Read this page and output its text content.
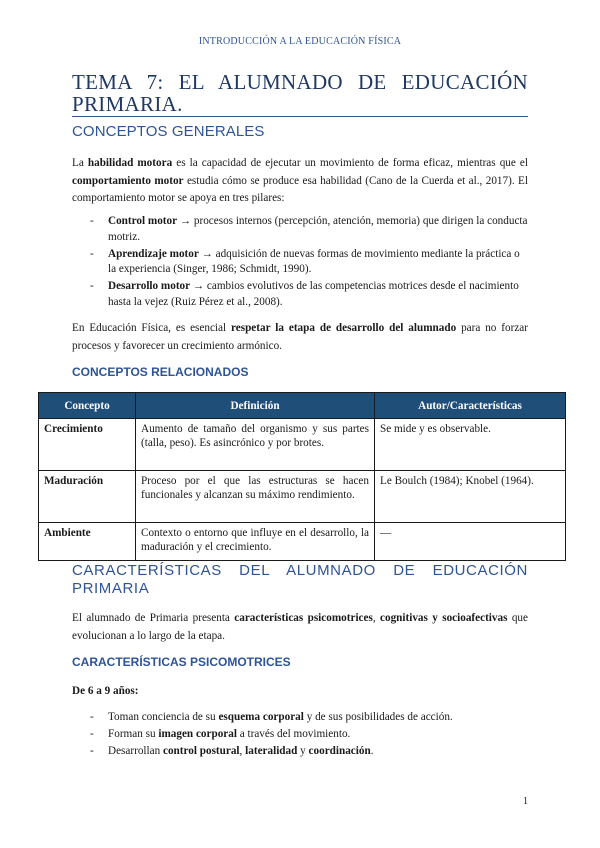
INTRODUCCIÓN A LA EDUCACIÓN FÍSICA
TEMA 7: EL ALUMNADO DE EDUCACIÓN PRIMARIA.
CONCEPTOS GENERALES
La habilidad motora es la capacidad de ejecutar un movimiento de forma eficaz, mientras que el comportamiento motor estudia cómo se produce esa habilidad (Cano de la Cuerda et al., 2017). El comportamiento motor se apoya en tres pilares:
- Control motor → procesos internos (percepción, atención, memoria) que dirigen la conducta motriz.
- Aprendizaje motor → adquisición de nuevas formas de movimiento mediante la práctica o la experiencia (Singer, 1986; Schmidt, 1990).
- Desarrollo motor → cambios evolutivos de las competencias motrices desde el nacimiento hasta la vejez (Ruiz Pérez et al., 2008).
En Educación Física, es esencial respetar la etapa de desarrollo del alumnado para no forzar procesos y favorecer un crecimiento armónico.
CONCEPTOS RELACIONADOS
Concepto	Definición	Autor/Características
Crecimiento	Aumento de tamaño del organismo y sus partes (talla, peso). Es asincrónico y por brotes.	Se mide y es observable.
Maduración	Proceso por el que las estructuras se hacen funcionales y alcanzan su máximo rendimiento.	Le Boulch (1984); Knobel (1964).
Ambiente	Contexto o entorno que influye en el desarrollo, la maduración y el crecimiento.	—
CARACTERÍSTICAS DEL ALUMNADO DE EDUCACIÓN PRIMARIA
El alumnado de Primaria presenta características psicomotrices, cognitivas y socioafectivas que evolucionan a lo largo de la etapa.
CARACTERÍSTICAS PSICOMOTRICES
De 6 a 9 años:
- Toman conciencia de su esquema corporal y de sus posibilidades de acción.
- Forman su imagen corporal a través del movimiento.
- Desarrollan control postural, lateralidad y coordinación.
1
